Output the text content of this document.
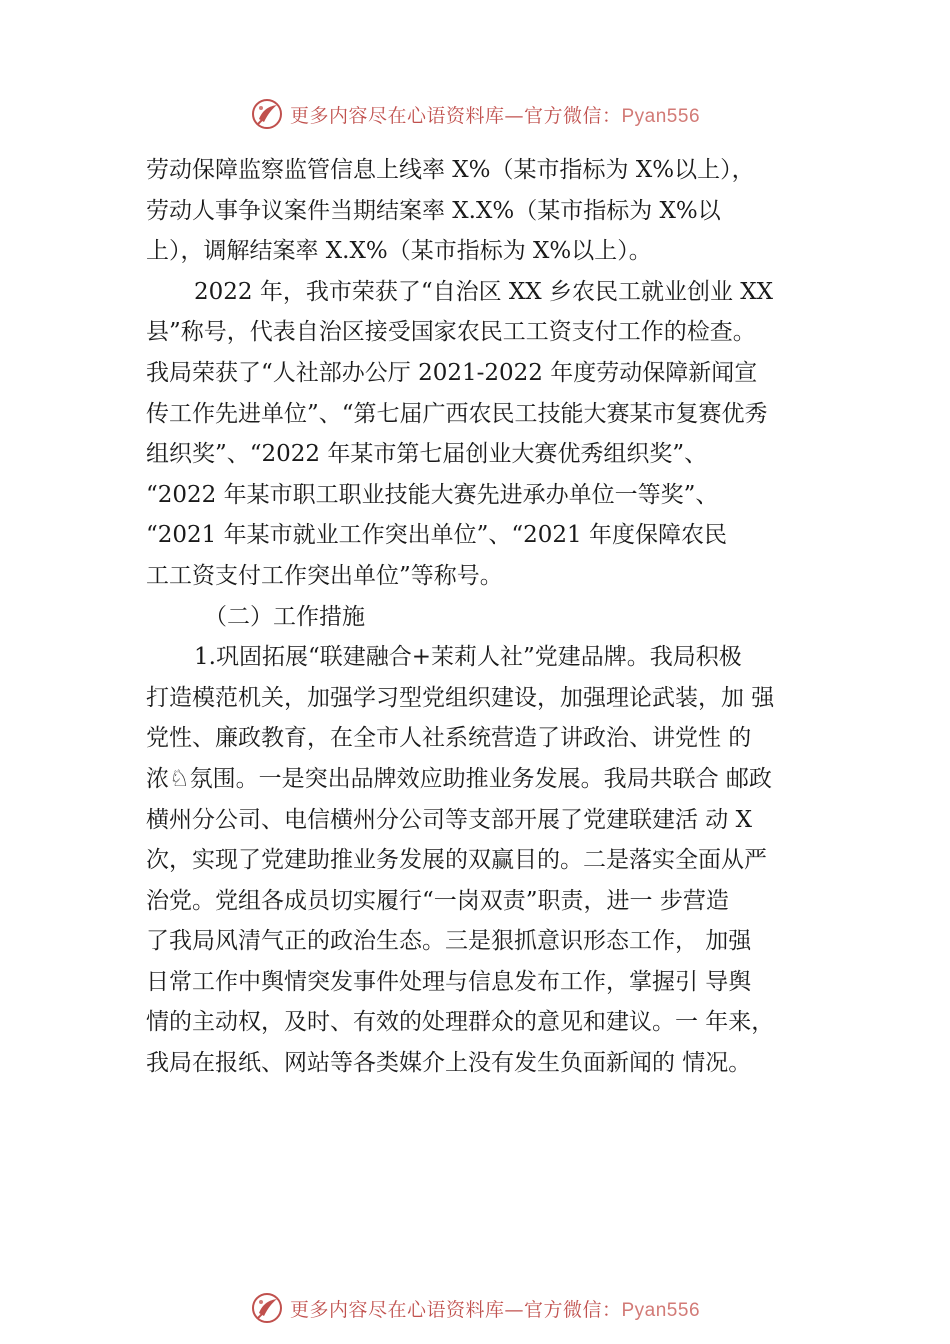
更多内容尽在心语资料库—官方微信：Pyan556
劳动保障监察监管信息上线率 X%（某市指标为 X%以上），
劳动人事争议案件当期结案率 X.X%（某市指标为 X%以
上），调解结案率 X.X%（某市指标为 X%以上）。
2022 年，我市荣获了“自治区 XX 乡农民工就业创业 XX
县”称号，代表自治区接受国家农民工工资支付工作的检查。
我局荣获了“人社部办公厅 2021-2022 年度劳动保障新闻宣
传工作先进单位”、“第七届广西农民工技能大赛某市复赛优秀
组织奖”、“2022 年某市第七届创业大赛优秀组织奖”、
“2022 年某市职工职业技能大赛先进承办单位一等奖”、
“2021 年某市就业工作突出单位”、“2021 年度保障农民
工工资支付工作突出单位”等称号。
（二）工作措施
1.巩固拓展“联建融合+茉莉人社”党建品牌。我局积极
打造模范机关，加强学习型党组织建设，加强理论武装，加 强
党性、廉政教育，在全市人社系统营造了讲政治、讲党性 的
浓♘氛围。一是突出品牌效应助推业务发展。我局共联合 邮政
横州分公司、电信横州分公司等支部开展了党建联建活 动 X
次，实现了党建助推业务发展的双赢目的。二是落实全面从严
治党。党组各成员切实履行“一岗双责”职责，进一 步营造
了我局风清气正的政治生态。三是狠抓意识形态工作， 加强
日常工作中舆情突发事件处理与信息发布工作，掌握引 导舆
情的主动权，及时、有效的处理群众的意见和建议。一 年来，
我局在报纸、网站等各类媒介上没有发生负面新闻的 情况。
更多内容尽在心语资料库—官方微信：Pyan556
